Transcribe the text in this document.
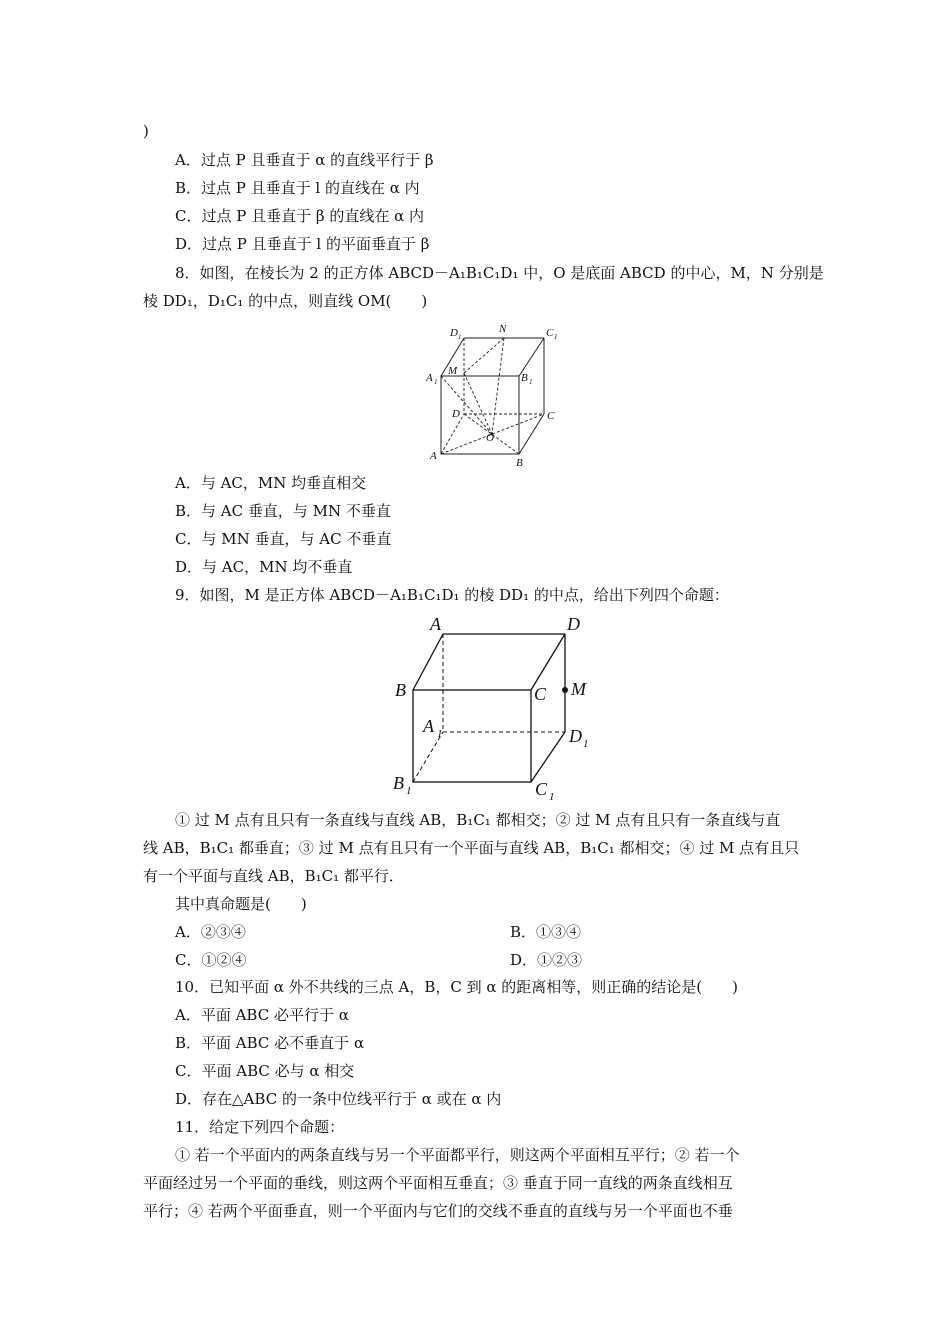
)
A．过点 P 且垂直于 α 的直线平行于 β
B．过点 P 且垂直于 l 的直线在 α 内
C．过点 P 且垂直于 β 的直线在 α 内
D．过点 P 且垂直于 l 的平面垂直于 β
8．如图，在棱长为 2 的正方体 ABCD－A₁B₁C₁D₁ 中，O 是底面 ABCD 的中心，M，N 分别是
棱 DD₁，D₁C₁ 的中点，则直线 OM(　　)
D 1
N	C 1
A 1
M
B 1
D	C
O
A
B
A．与 AC，MN 均垂直相交
B．与 AC 垂直，与 MN 不垂直
C．与 MN 垂直，与 AC 不垂直
D．与 AC，MN 均不垂直
9．如图，M 是正方体 ABCD－A₁B₁C₁D₁ 的棱 DD₁ 的中点，给出下列四个命题：
A	D
B	C M
A 1	D 1
B 1	C 1
① 过 M 点有且只有一条直线与直线 AB，B₁C₁ 都相交；② 过 M 点有且只有一条直线与直
线 AB，B₁C₁ 都垂直；③ 过 M 点有且只有一个平面与直线 AB，B₁C₁ 都相交；④ 过 M 点有且只
有一个平面与直线 AB，B₁C₁ 都平行．
其中真命题是(　　)
A．②③④	B．①③④
C．①②④	D．①②③
10．已知平面 α 外不共线的三点 A，B，C 到 α 的距离相等，则正确的结论是(　　)
A．平面 ABC 必平行于 α
B．平面 ABC 必不垂直于 α
C．平面 ABC 必与 α 相交
D．存在△ABC 的一条中位线平行于 α 或在 α 内
11．给定下列四个命题：
① 若一个平面内的两条直线与另一个平面都平行，则这两个平面相互平行；② 若一个
平面经过另一个平面的垂线，则这两个平面相互垂直；③ 垂直于同一直线的两条直线相互
平行；④ 若两个平面垂直，则一个平面内与它们的交线不垂直的直线与另一个平面也不垂
